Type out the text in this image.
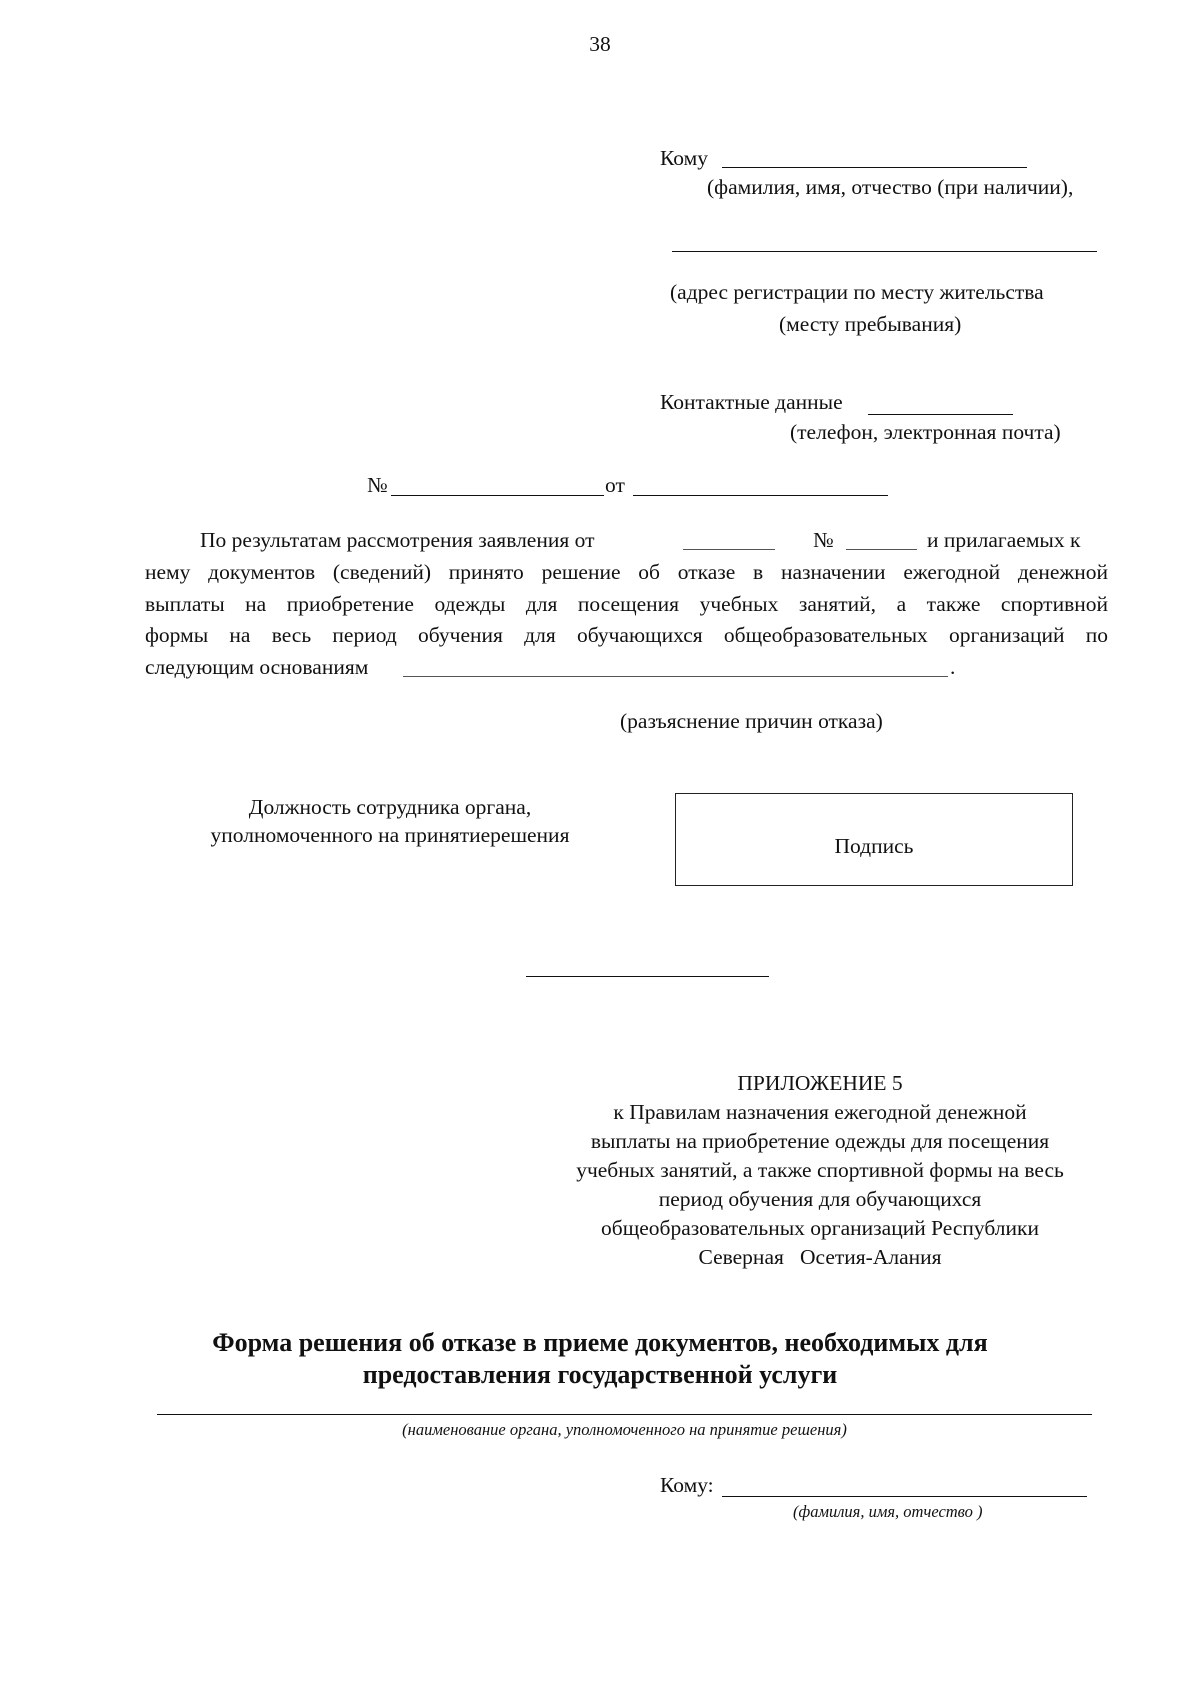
38
Кому
(фамилия, имя, отчество (при наличии),
(адрес регистрации по месту жительства
(месту пребывания)
Контактные данные
(телефон, электронная почта)
№	от
По результатам рассмотрения заявления от	№	и прилагаемых к
нему документов (сведений) принято решение об отказе в назначении ежегодной денежной
выплаты на приобретение одежды для посещения учебных занятий, а также спортивной
формы на весь период обучения для обучающихся общеобразовательных организаций по
следующим основаниям	.
(разъяснение причин отказа)
Должность сотрудника органа,
уполномоченного на принятиерешения	Подпись
ПРИЛОЖЕНИЕ 5
к Правилам назначения ежегодной денежной
выплаты на приобретение одежды для посещения
учебных занятий, а также спортивной формы на весь
период обучения для обучающихся
общеобразовательных организаций Республики
Северная   Осетия-Алания
Форма решения об отказе в приеме документов, необходимых для
предоставления государственной услуги
(наименование органа, уполномоченного на принятие решения)
Кому:
(фамилия, имя, отчество )
